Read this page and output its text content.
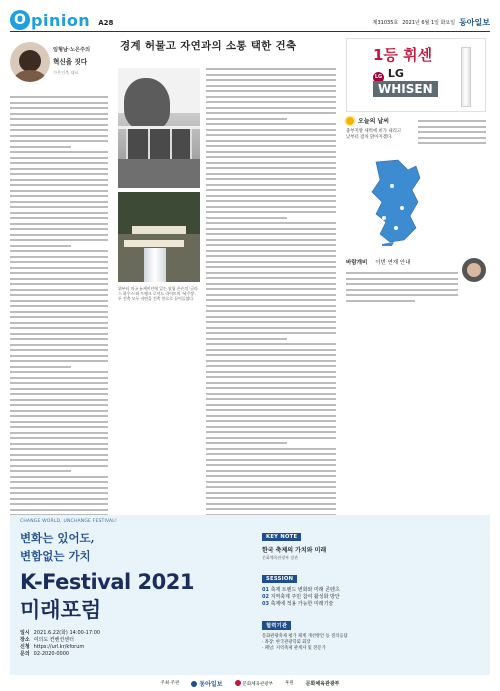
O pinion A28	제31035호 2021년 6월 1일 화요일 동아일보
임형남·노은주의
혁신을 짓다
가온건축 대표
경계 허물고 자연과의 소통 택한 건축
위부터 미국 뉴케이넌에 있는 필립 존슨의 '글라스 하우스'와 프랭크 로이드 라이트의 '낙수장'. 두 건축 모두 자연을 건축 안으로 끌어들였다.
1등 휘센
LG LG
WHISEN
오늘의 날씨
중부지방 새벽에 비가 내리고 낮부터 점차 맑아지겠다.
바람개비 이번 연재 안내
CHANGE WORLD, UNCHANGE FESTIVAL!
변화는 있어도,
변함없는 가치
K-Festival 2021
미래포럼
일시 2021.6.22(화) 14:00-17:00
장소 여의도 컨벤션센터
신청 https://url.kr/kforum
문의 02-2020-0000
KEY NOTE
한국 축제의 가치와 미래
문화체육관광부 장관
SESSION
01 축제 트렌드 변화와 미래 콘텐츠
02 지역축제 주민 참여 활성화 방안
03 축제에 적용 가능한 미래기술
협력기관
문화관광축제 평가 체계 개선방안 등 질의응답
· 좌장: 한국관광학회 회장
· 패널: 지역축제 관계자 및 전문가
주최·주관	동아일보	문화체육관광부	후원 문화체육관광부
